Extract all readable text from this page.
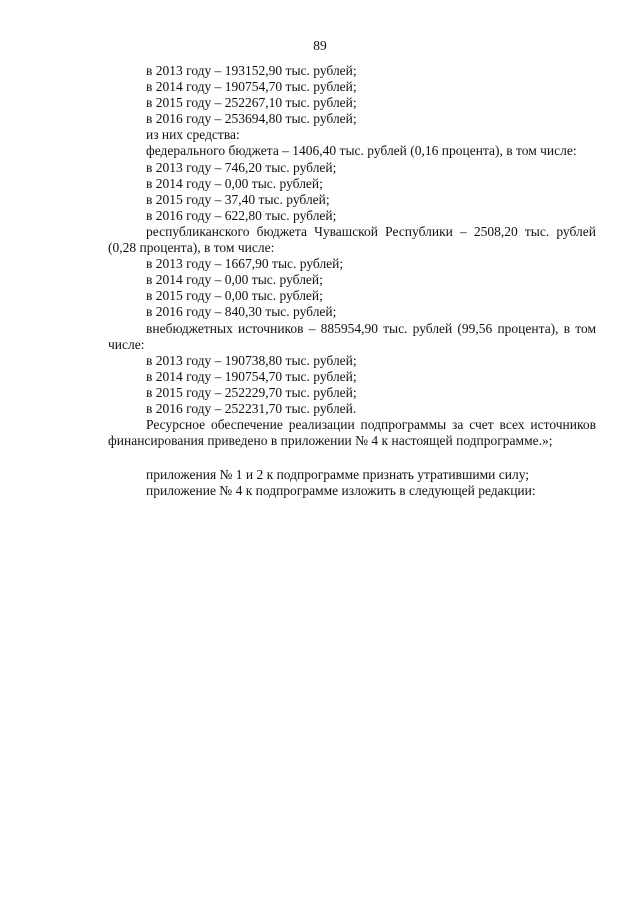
89
в 2013 году – 193152,90 тыс. рублей;
в 2014 году – 190754,70 тыс. рублей;
в 2015 году – 252267,10 тыс. рублей;
в 2016 году – 253694,80 тыс. рублей;
из них средства:
федерального бюджета – 1406,40 тыс. рублей (0,16 процента), в том числе:
в 2013 году – 746,20 тыс. рублей;
в 2014 году – 0,00 тыс. рублей;
в 2015 году – 37,40 тыс. рублей;
в 2016 году – 622,80 тыс. рублей;
республиканского бюджета Чувашской Республики – 2508,20 тыс. рублей (0,28 процента), в том числе:
в 2013 году – 1667,90 тыс. рублей;
в 2014 году – 0,00 тыс. рублей;
в 2015 году – 0,00 тыс. рублей;
в 2016 году – 840,30 тыс. рублей;
внебюджетных источников – 885954,90 тыс. рублей (99,56 процента), в том числе:
в 2013 году – 190738,80 тыс. рублей;
в 2014 году – 190754,70 тыс. рублей;
в 2015 году – 252229,70 тыс. рублей;
в 2016 году – 252231,70 тыс. рублей.
Ресурсное обеспечение реализации подпрограммы за счет всех источников финансирования приведено в приложении № 4 к настоящей подпрограмме.»;
приложения № 1 и 2 к подпрограмме признать утратившими силу;
приложение № 4 к подпрограмме изложить в следующей редакции:
